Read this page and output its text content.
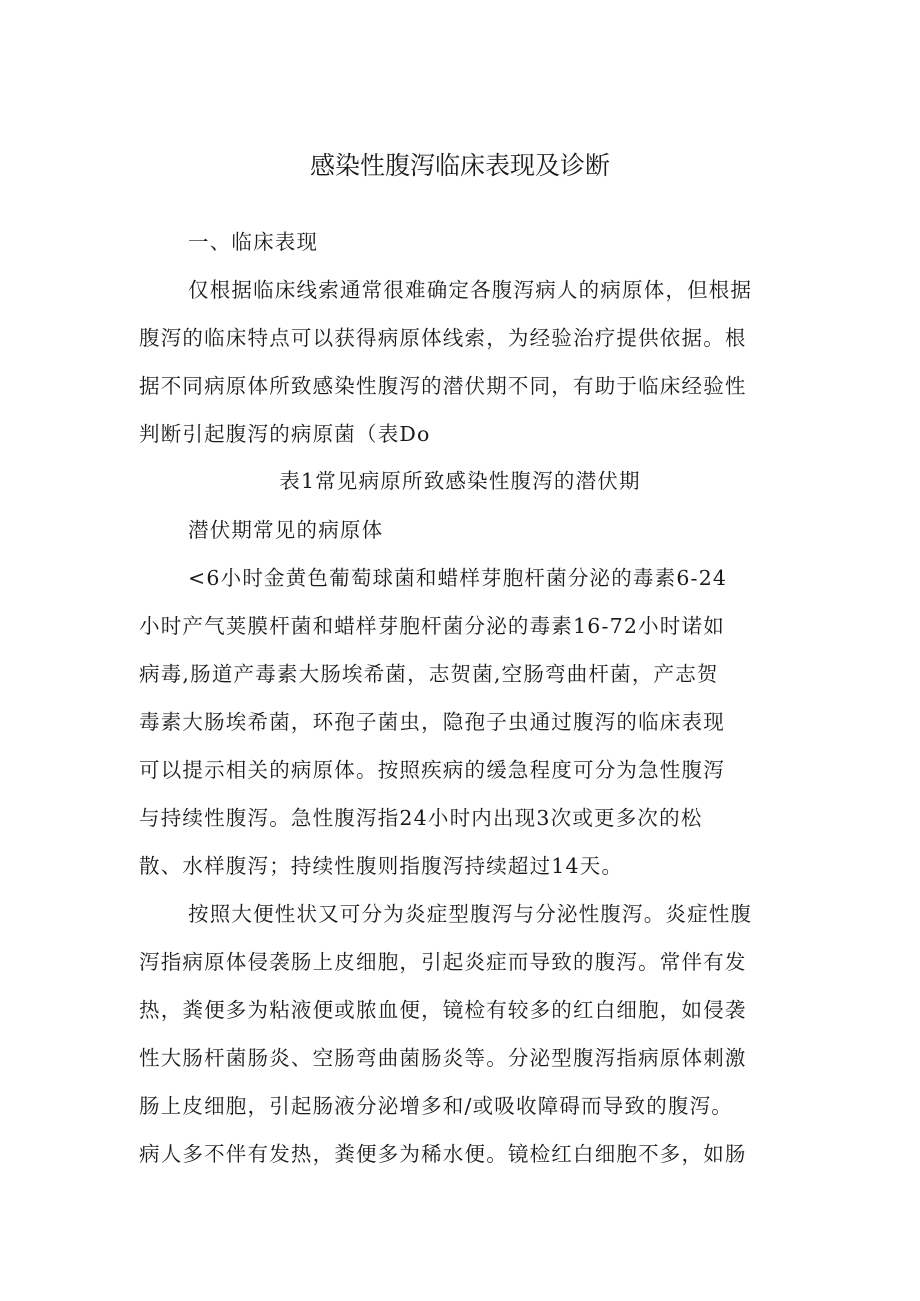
感染性腹泻临床表现及诊断
一、临床表现
仅根据临床线索通常很难确定各腹泻病人的病原体，但根据
腹泻的临床特点可以获得病原体线索，为经验治疗提供依据。根
据不同病原体所致感染性腹泻的潜伏期不同，有助于临床经验性
判断引起腹泻的病原菌（表Do
表1常见病原所致感染性腹泻的潜伏期
潜伏期常见的病原体
<6小时金黄色葡萄球菌和蜡样芽胞杆菌分泌的毒素6-24
小时产气荚膜杆菌和蜡样芽胞杆菌分泌的毒素16-72小时诺如
病毒,肠道产毒素大肠埃希菌，志贺菌,空肠弯曲杆菌，产志贺
毒素大肠埃希菌，环孢子菌虫，隐孢子虫通过腹泻的临床表现
可以提示相关的病原体。按照疾病的缓急程度可分为急性腹泻
与持续性腹泻。急性腹泻指24小时内出现3次或更多次的松
散、水样腹泻；持续性腹则指腹泻持续超过14天。
按照大便性状又可分为炎症型腹泻与分泌性腹泻。炎症性腹
泻指病原体侵袭肠上皮细胞，引起炎症而导致的腹泻。常伴有发
热，粪便多为粘液便或脓血便，镜检有较多的红白细胞，如侵袭
性大肠杆菌肠炎、空肠弯曲菌肠炎等。分泌型腹泻指病原体刺激
肠上皮细胞，引起肠液分泌增多和/或吸收障碍而导致的腹泻。
病人多不伴有发热，粪便多为稀水便。镜检红白细胞不多，如肠
